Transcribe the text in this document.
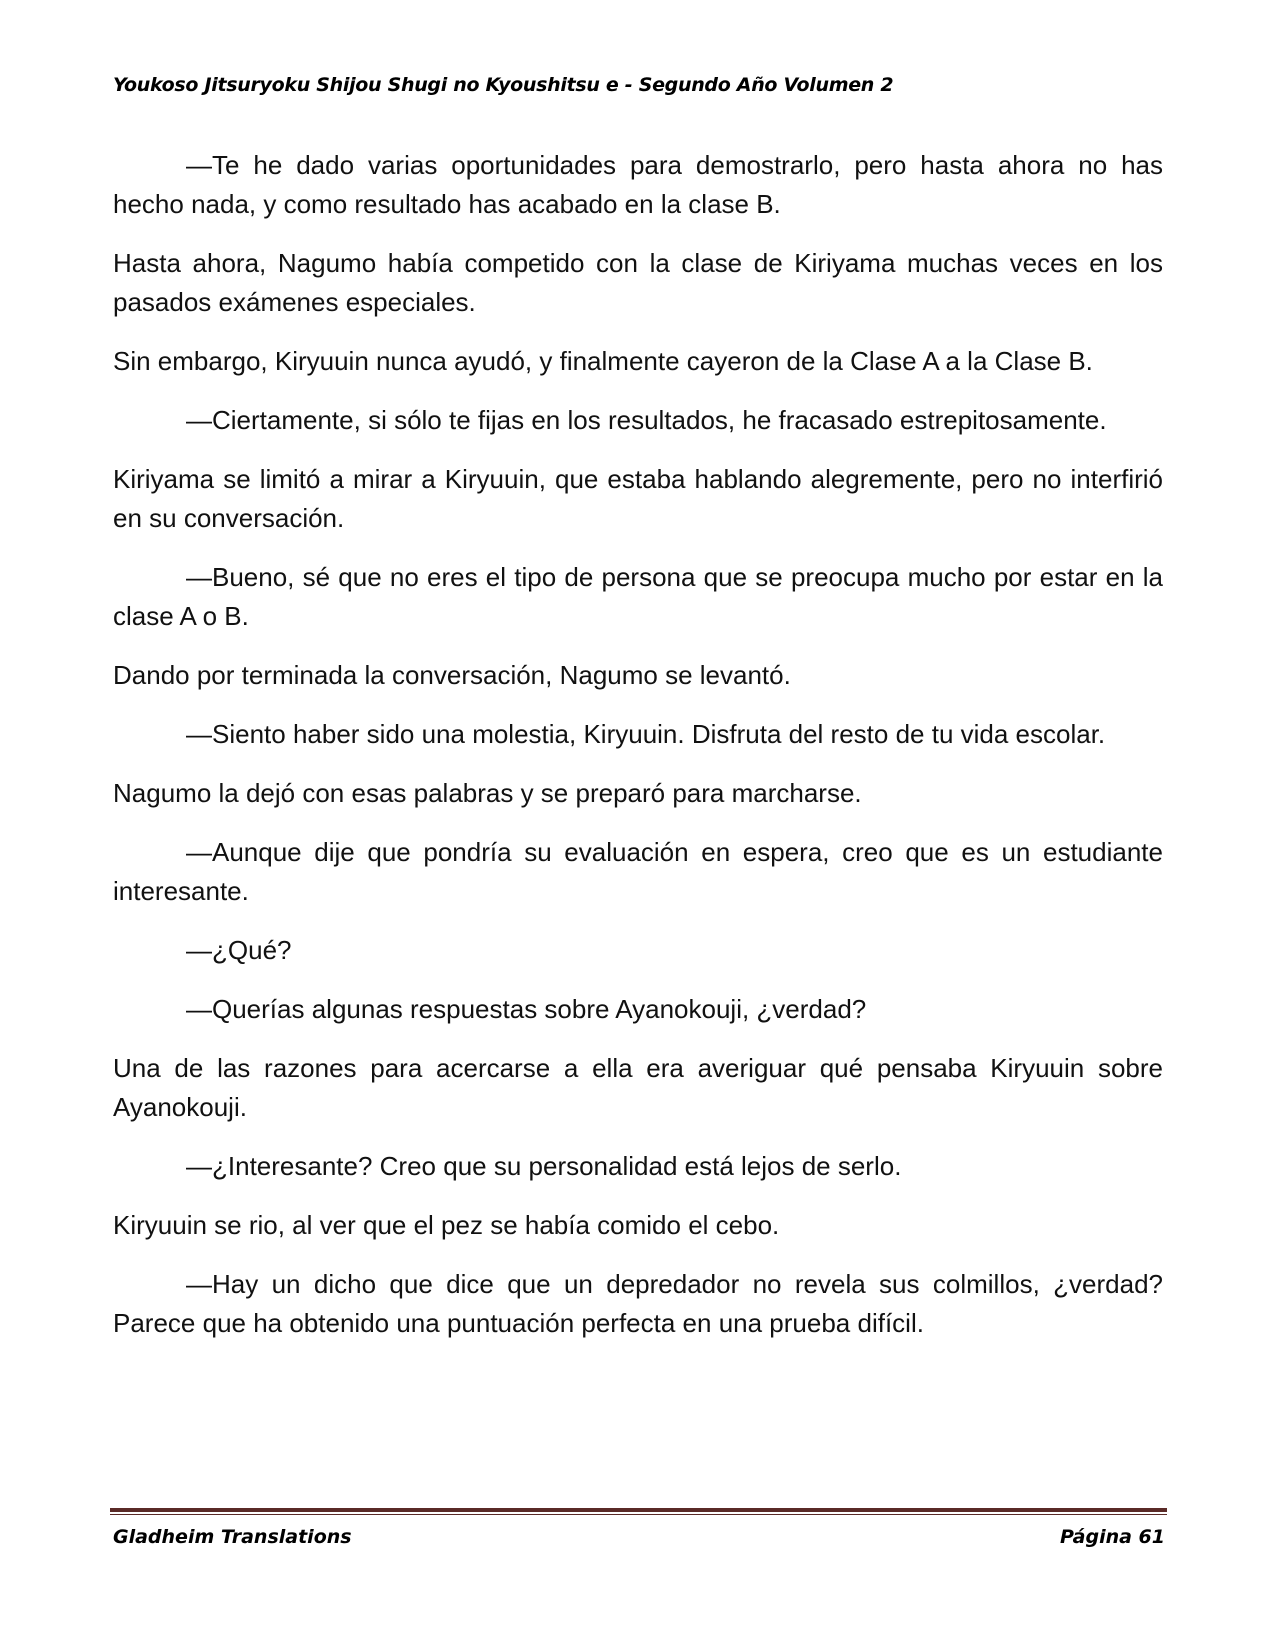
Youkoso Jitsuryoku Shijou Shugi no Kyoushitsu e - Segundo Año Volumen 2

—Te he dado varias oportunidades para demostrarlo, pero hasta ahora no has hecho nada, y como resultado has acabado en la clase B.

Hasta ahora, Nagumo había competido con la clase de Kiriyama muchas veces en los pasados exámenes especiales.

Sin embargo, Kiryuuin nunca ayudó, y finalmente cayeron de la Clase A a la Clase B.

—Ciertamente, si sólo te fijas en los resultados, he fracasado estrepitosamente.

Kiriyama se limitó a mirar a Kiryuuin, que estaba hablando alegremente, pero no interfirió en su conversación.

—Bueno, sé que no eres el tipo de persona que se preocupa mucho por estar en la clase A o B.

Dando por terminada la conversación, Nagumo se levantó.

—Siento haber sido una molestia, Kiryuuin. Disfruta del resto de tu vida escolar.

Nagumo la dejó con esas palabras y se preparó para marcharse.

—Aunque dije que pondría su evaluación en espera, creo que es un estudiante interesante.

—¿Qué?

—Querías algunas respuestas sobre Ayanokouji, ¿verdad?

Una de las razones para acercarse a ella era averiguar qué pensaba Kiryuuin sobre Ayanokouji.

—¿Interesante? Creo que su personalidad está lejos de serlo.

Kiryuuin se rio, al ver que el pez se había comido el cebo.

—Hay un dicho que dice que un depredador no revela sus colmillos, ¿verdad? Parece que ha obtenido una puntuación perfecta en una prueba difícil.

Gladheim Translations	Página 61
